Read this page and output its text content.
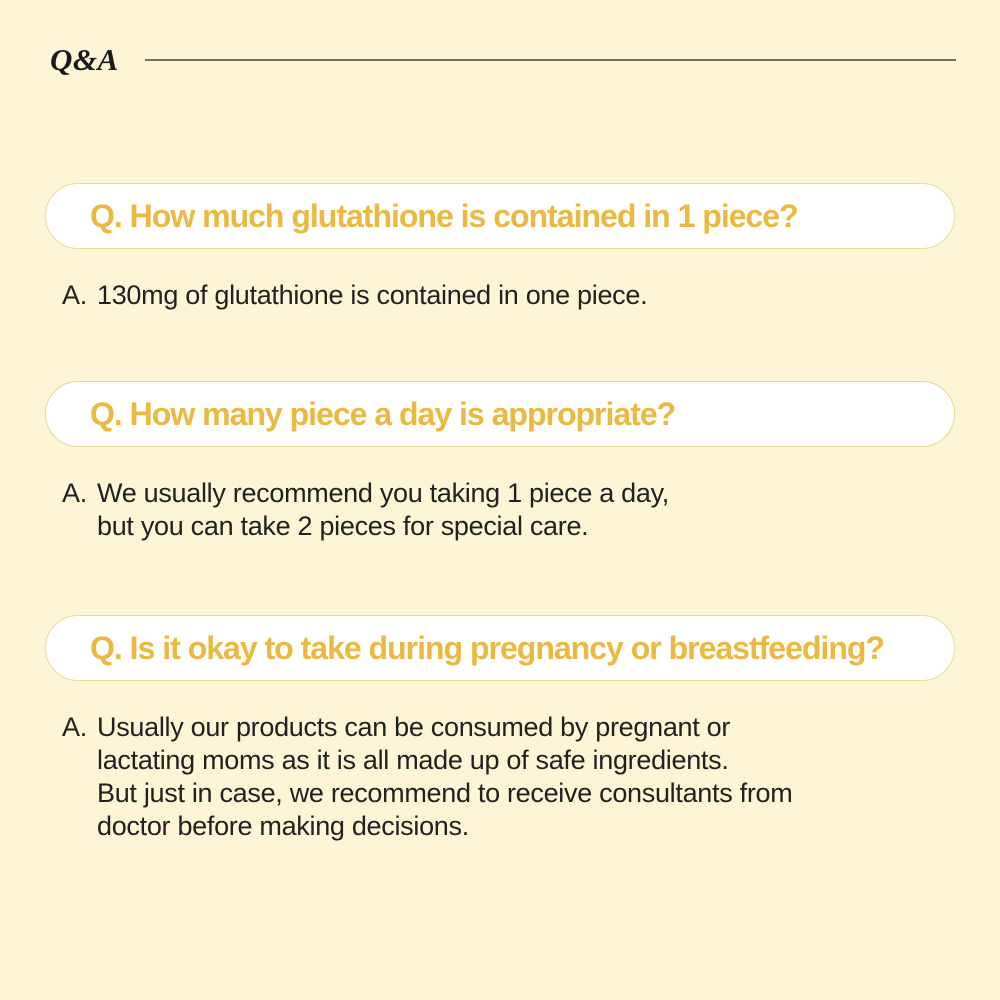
Q&A
Q. How much glutathione is contained in 1 piece?
A. 130mg of glutathione is contained in one piece.
Q. How many piece a day is appropriate?
A. We usually recommend you taking 1 piece a day,
but you can take 2 pieces for special care.
Q. Is it okay to take during pregnancy or breastfeeding?
A. Usually our products can be consumed by pregnant or
lactating moms as it is all made up of safe ingredients.
But just in case, we recommend to receive consultants from
doctor before making decisions.
